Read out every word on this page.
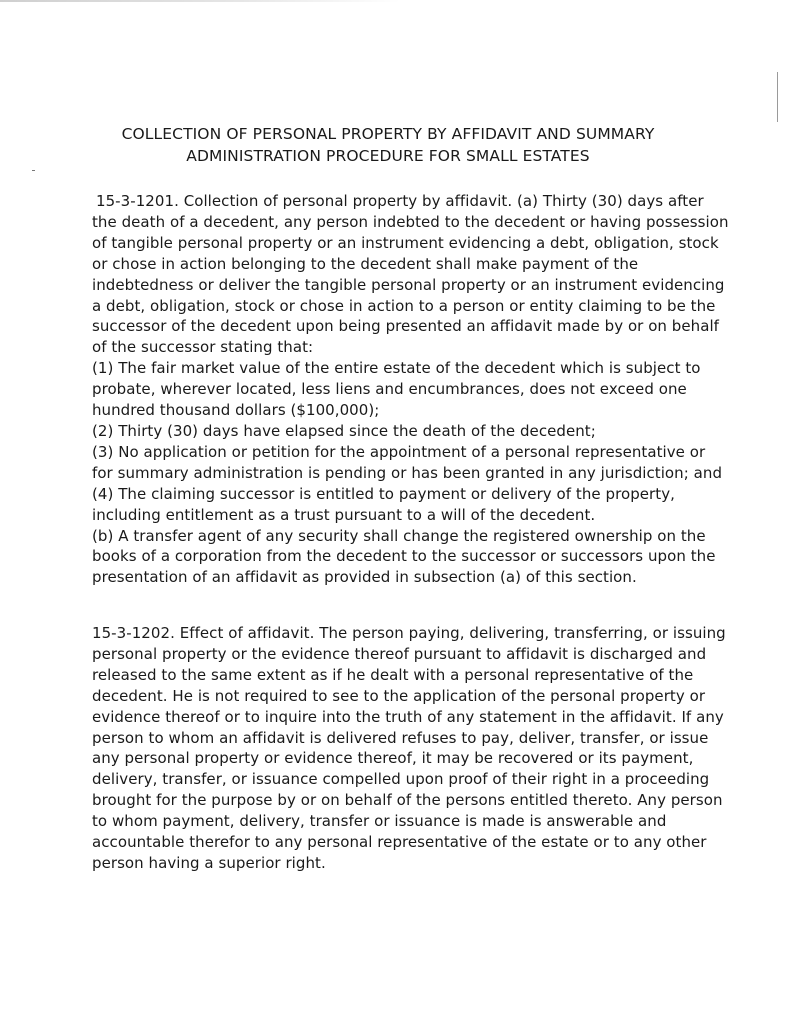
COLLECTION OF PERSONAL PROPERTY BY AFFIDAVIT AND SUMMARY

ADMINISTRATION PROCEDURE FOR SMALL ESTATES

15-3-1201. Collection of personal property by affidavit. (a) Thirty (30) days after

the death of a decedent, any person indebted to the decedent or having possession

of tangible personal property or an instrument evidencing a debt, obligation, stock

or chose in action belonging to the decedent shall make payment of the

indebtedness or deliver the tangible personal property or an instrument evidencing

a debt, obligation, stock or chose in action to a person or entity claiming to be the

successor of the decedent upon being presented an affidavit made by or on behalf

of the successor stating that:

(1) The fair market value of the entire estate of the decedent which is subject to

probate, wherever located, less liens and encumbrances, does not exceed one

hundred thousand dollars ($100,000);

(2) Thirty (30) days have elapsed since the death of the decedent;

(3) No application or petition for the appointment of a personal representative or

for summary administration is pending or has been granted in any jurisdiction; and

(4) The claiming successor is entitled to payment or delivery of the property,

including entitlement as a trust pursuant to a will of the decedent.

(b) A transfer agent of any security shall change the registered ownership on the

books of a corporation from the decedent to the successor or successors upon the

presentation of an affidavit as provided in subsection (a) of this section.

15-3-1202. Effect of affidavit. The person paying, delivering, transferring, or issuing

personal property or the evidence thereof pursuant to affidavit is discharged and

released to the same extent as if he dealt with a personal representative of the

decedent. He is not required to see to the application of the personal property or

evidence thereof or to inquire into the truth of any statement in the affidavit. If any

person to whom an affidavit is delivered refuses to pay, deliver, transfer, or issue

any personal property or evidence thereof, it may be recovered or its payment,

delivery, transfer, or issuance compelled upon proof of their right in a proceeding

brought for the purpose by or on behalf of the persons entitled thereto. Any person

to whom payment, delivery, transfer or issuance is made is answerable and

accountable therefor to any personal representative of the estate or to any other

person having a superior right.
